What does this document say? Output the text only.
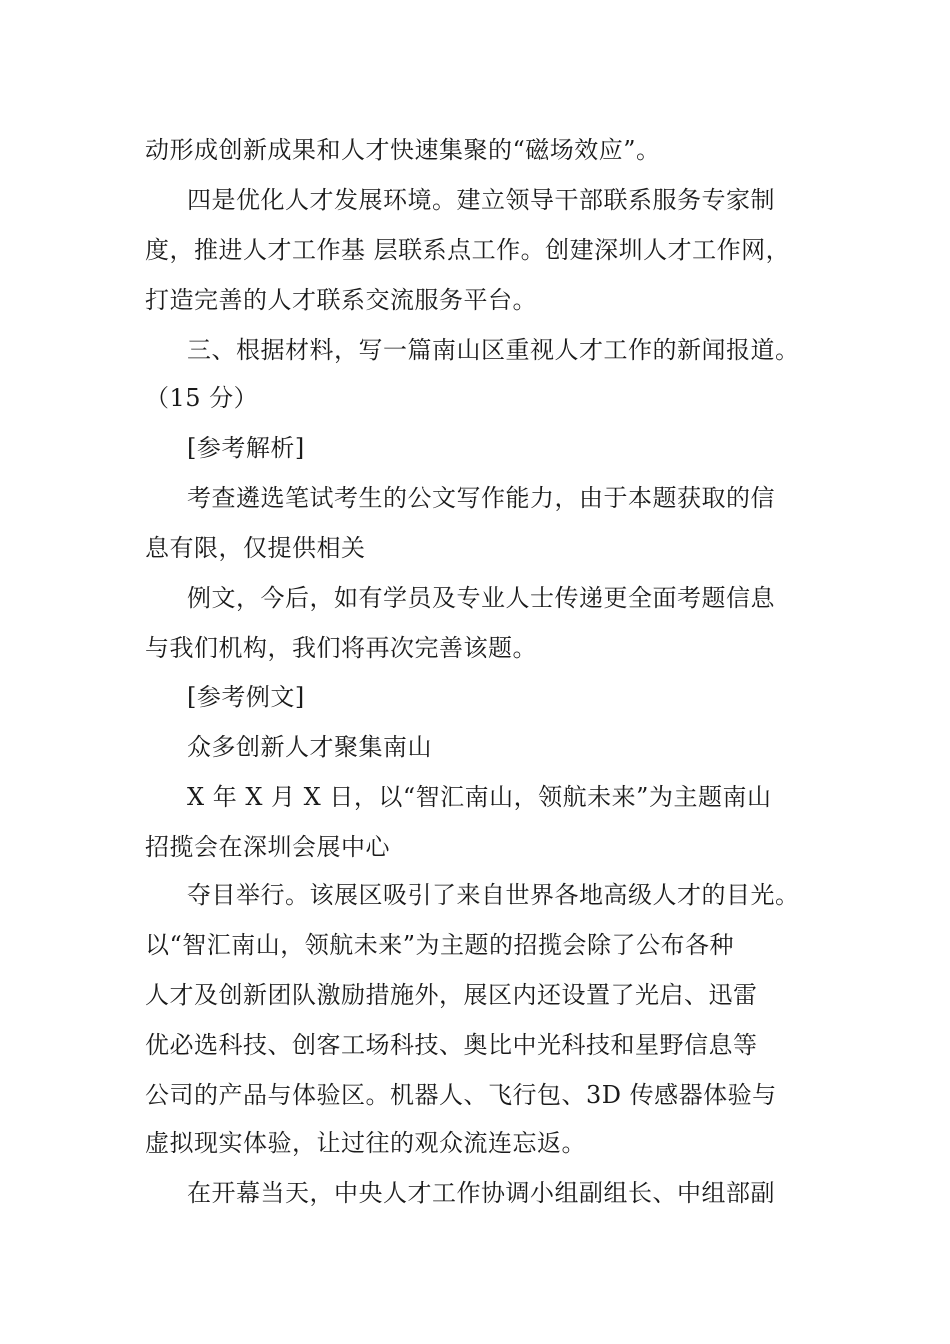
动形成创新成果和人才快速集聚的“磁场效应”。
四是优化人才发展环境。建立领导干部联系服务专家制
度，推进人才工作基 层联系点工作。创建深圳人才工作网，
打造完善的人才联系交流服务平台。
三、根据材料，写一篇南山区重视人才工作的新闻报道。
（15 分）
[参考解析]
考查遴选笔试考生的公文写作能力，由于本题获取的信
息有限，仅提供相关
例文，今后，如有学员及专业人士传递更全面考题信息
与我们机构，我们将再次完善该题。
[参考例文]
众多创新人才聚集南山
X 年 X 月 X 日，以“智汇南山，领航未来”为主题南山
招揽会在深圳会展中心
夺目举行。该展区吸引了来自世界各地高级人才的目光。
以“智汇南山，领航未来”为主题的招揽会除了公布各种
人才及创新团队激励措施外，展区内还设置了光启、迅雷
优必选科技、创客工场科技、奥比中光科技和星野信息等
公司的产品与体验区。机器人、飞行包、3D 传感器体验与
虚拟现实体验，让过往的观众流连忘返。
在开幕当天，中央人才工作协调小组副组长、中组部副
